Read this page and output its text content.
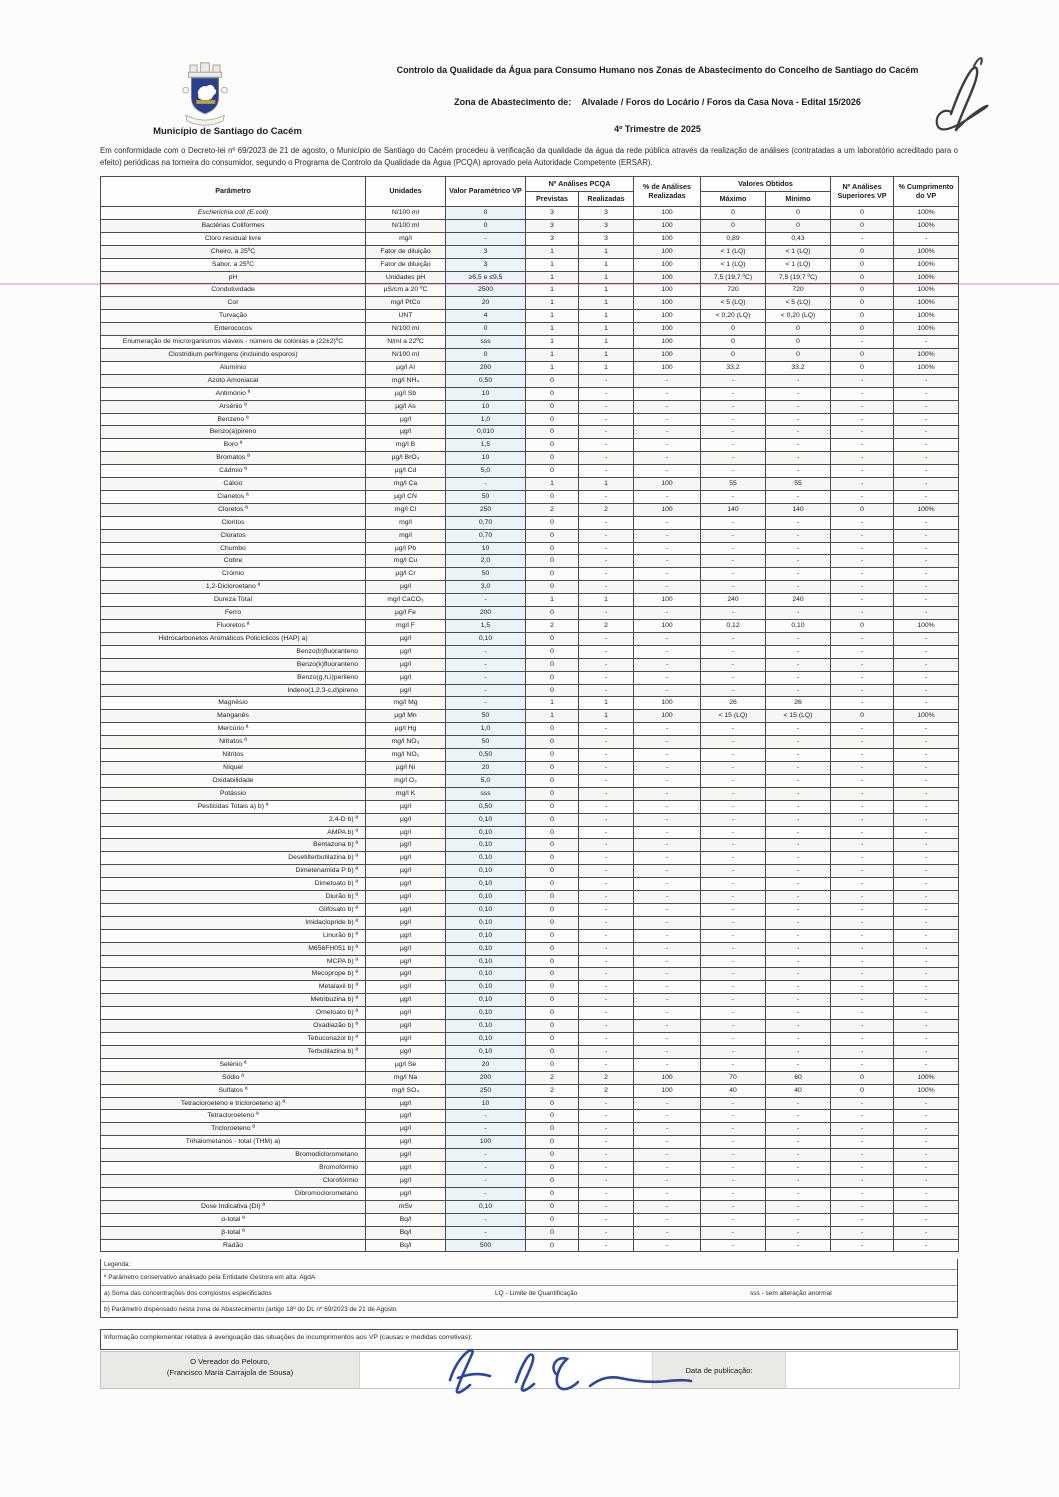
Controlo da Qualidade da Água para Consumo Humano nos Zonas de Abastecimento do Concelho de Santiago do Cacém
Zona de Abastecimento de: Alvalade / Foros do Locário / Foros da Casa Nova - Edital 15/2026
4º Trimestre de 2025
Município de Santiago do Cacém
Em conformidade com o Decreto-lei nº 69/2023 de 21 de agosto, o Município de Santiago do Cacém procedeu à verificação da qualidade da água da rede pública através da realização de análises (contratadas a um laboratório acreditado para o efeito) periódicas na torneira do consumidor, segundo o Programa de Controlo da Qualidade da Água (PCQA) aprovado pela Autoridade Competente (ERSAR).
Parâmetro	Unidades	Valor Paramétrico VP	Nº Análises PCQA		% de Análises Realizadas	Valores Obtidos		Nº Análises Superiores VP	% Cumprimento do VP
			Previstas	Realizadas		Máximo	Mínimo		
Escherichia coli (E.coli)	N/100 ml	0	3	3	100	0	0	0	100%
Bactérias Coliformes	N/100 ml	0	3	3	100	0	0	0	100%
Cloro residual livre	mg/l	-	3	3	100	0,89	0,43	-	-
Cheiro, a 25ºC	Fator de diluição	3	1	1	100	< 1 (LQ)	< 1 (LQ)	0	100%
Sabor, a 25ºC	Fator de diluição	3	1	1	100	< 1 (LQ)	< 1 (LQ)	0	100%
pH	Unidades pH	≥6,5 e ≤9,5	1	1	100	7,5 (19,7 ºC)	7,5 (19,7 ºC)	0	100%
Condutividade	µS/cm a 20 ºC	2500	1	1	100	720	720	0	100%
Cor	mg/l PtCo	20	1	1	100	< 5 (LQ)	< 5 (LQ)	0	100%
Turvação	UNT	4	1	1	100	< 0,20 (LQ)	< 0,20 (LQ)	0	100%
Enterococos	N/100 ml	0	1	1	100	0	0	0	100%
Enumeração de microrganismos viáveis - número de colónias a (22±2)ºC	N/ml a 22ºC	sss	1	1	100	0	0	-	-
Clostridium perfringens (incluindo esporos)	N/100 ml	0	1	1	100	0	0	0	100%
Alumínio	µg/l Al	200	1	1	100	33,2	33,2	0	100%
Azoto Amoniacal	mg/l NH₄	0,50	0	-	-	-	-	-	-
Antimónio ª	µg/l Sb	10	0	-	-	-	-	-	-
Arsénio ª	µg/l As	10	0	-	-	-	-	-	-
Benzeno ª	µg/l	1,0	0	-	-	-	-	-	-
Benzo(a)pireno	µg/l	0,010	0	-	-	-	-	-	-
Boro ª	mg/l B	1,5	0	-	-	-	-	-	-
Bromatos ª	µg/l BrO₃	10	0	-	-	-	-	-	-
Cádmio ª	µg/l Cd	5,0	0	-	-	-	-	-	-
Cálcio	mg/l Ca	-	1	1	100	55	55	-	-
Cianetos ª	µg/l CN	50	0	-	-	-	-	-	-
Cloretos ª	mg/l Cl	250	2	2	100	140	140	0	100%
Cloritos	mg/l	0,70	0	-	-	-	-	-	-
Cloratos	mg/l	0,70	0	-	-	-	-	-	-
Chumbo	µg/l Pb	10	0	-	-	-	-	-	-
Cobre	mg/l Cu	2,0	0	-	-	-	-	-	-
Crómio	µg/l Cr	50	0	-	-	-	-	-	-
1,2-Dicloroetano ª	µg/l	3,0	0	-	-	-	-	-	-
Dureza Total	mg/l CaCO₃	-	1	1	100	240	240	-	-
Ferro	µg/l Fe	200	0	-	-	-	-	-	-
Fluoretos ª	mg/l F	1,5	2	2	100	0,12	0,10	0	100%
Hidrocarbonetos Aromáticos Policíclicos (HAP) a)	µg/l	0,10	0	-	-	-	-	-	-
Benzo(b)fluoranteno	µg/l	-	0	-	-	-	-	-	-
Benzo(k)fluoranteno	µg/l	-	0	-	-	-	-	-	-
Benzo(g,h,i)perileno	µg/l	-	0	-	-	-	-	-	-
Indeno(1,2,3-c,d)pireno	µg/l	-	0	-	-	-	-	-	-
Magnésio	mg/l Mg	-	1	1	100	26	26	-	-
Manganês	µg/l Mn	50	1	1	100	< 15 (LQ)	< 15 (LQ)	0	100%
Mercúrio ª	µg/l Hg	1,0	0	-	-	-	-	-	-
Nitratos ª	mg/l NO₃	50	0	-	-	-	-	-	-
Nitritos	mg/l NO₂	0,50	0	-	-	-	-	-	-
Níquel	µg/l Ni	20	0	-	-	-	-	-	-
Oxidabilidade	mg/l O₂	5,0	0	-	-	-	-	-	-
Potássio	mg/l K	sss	0	-	-	-	-	-	-
Pesticidas Totais a) b) ª	µg/l	0,50	0	-	-	-	-	-	-
2,4-D b) ª	µg/l	0,10	0	-	-	-	-	-	-
AMPA b) ª	µg/l	0,10	0	-	-	-	-	-	-
Bentazona b) ª	µg/l	0,10	0	-	-	-	-	-	-
Desetilterbutilazina b) ª	µg/l	0,10	0	-	-	-	-	-	-
Dimetenamida P b) ª	µg/l	0,10	0	-	-	-	-	-	-
Dimetoato b) ª	µg/l	0,10	0	-	-	-	-	-	-
Diurão b) ª	µg/l	0,10	0	-	-	-	-	-	-
Glifosato b) ª	µg/l	0,10	0	-	-	-	-	-	-
Imidaclopride b) ª	µg/l	0,10	0	-	-	-	-	-	-
Linurão b) ª	µg/l	0,10	0	-	-	-	-	-	-
M656FH051 b) ª	µg/l	0,10	0	-	-	-	-	-	-
MCPA b) ª	µg/l	0,10	0	-	-	-	-	-	-
Mecoprope b) ª	µg/l	0,10	0	-	-	-	-	-	-
Metalaxil b) ª	µg/l	0,10	0	-	-	-	-	-	-
Metribuzina b) ª	µg/l	0,10	0	-	-	-	-	-	-
Ometoato b) ª	µg/l	0,10	0	-	-	-	-	-	-
Oxadiazão b) ª	µg/l	0,10	0	-	-	-	-	-	-
Tebuconazol b) ª	µg/l	0,10	0	-	-	-	-	-	-
Terbutilazina b) ª	µg/l	0,10	0	-	-	-	-	-	-
Selénio ª	µg/l Se	20	0	-	-	-	-	-	-
Sódio ª	mg/l Na	200	2	2	100	70	60	0	100%
Sulfatos ª	mg/l SO₄	250	2	2	100	40	40	0	100%
Tetracloroeteno e tricloroeteno a) ª	µg/l	10	0	-	-	-	-	-	-
Tetracloroeteno ª	µg/l	-	0	-	-	-	-	-	-
Tricloroeteno ª	µg/l	-	0	-	-	-	-	-	-
Trihalometanos - total (THM) a)	µg/l	100	0	-	-	-	-	-	-
Bromodiclorometano	µg/l	-	0	-	-	-	-	-	-
Bromofórmio	µg/l	-	0	-	-	-	-	-	-
Clorofórmio	µg/l	-	0	-	-	-	-	-	-
Dibromoclorometano	µg/l	-	0	-	-	-	-	-	-
Dose Indicativa (DI) ª	mSv	0,10	0	-	-	-	-	-	-
α-total ª	Bq/l	-	0	-	-	-	-	-	-
β-total ª	Bq/l	-	0	-	-	-	-	-	-
Radão	Bq/l	500	0	-	-	-	-	-	-
Legenda:
ª Parâmetro conservativo analisado pela Entidade Gestora em alta: AgdA
a) Soma das concentrações dos compostos especificados	LQ - Limite de Quantificação	sss - sem alteração anormal
b) Parâmetro dispensado nesta zona de Abastecimento (artigo 18º do DL nº 69/2023 de 21 de Agosto
Informação complementar relativa à averiguação das situações de incumprimentos aos VP (causas e medidas corretivas):
O Vereador do Pelouro,
(Francisco Maria Carrajola de Sousa)	Data de publicação:
